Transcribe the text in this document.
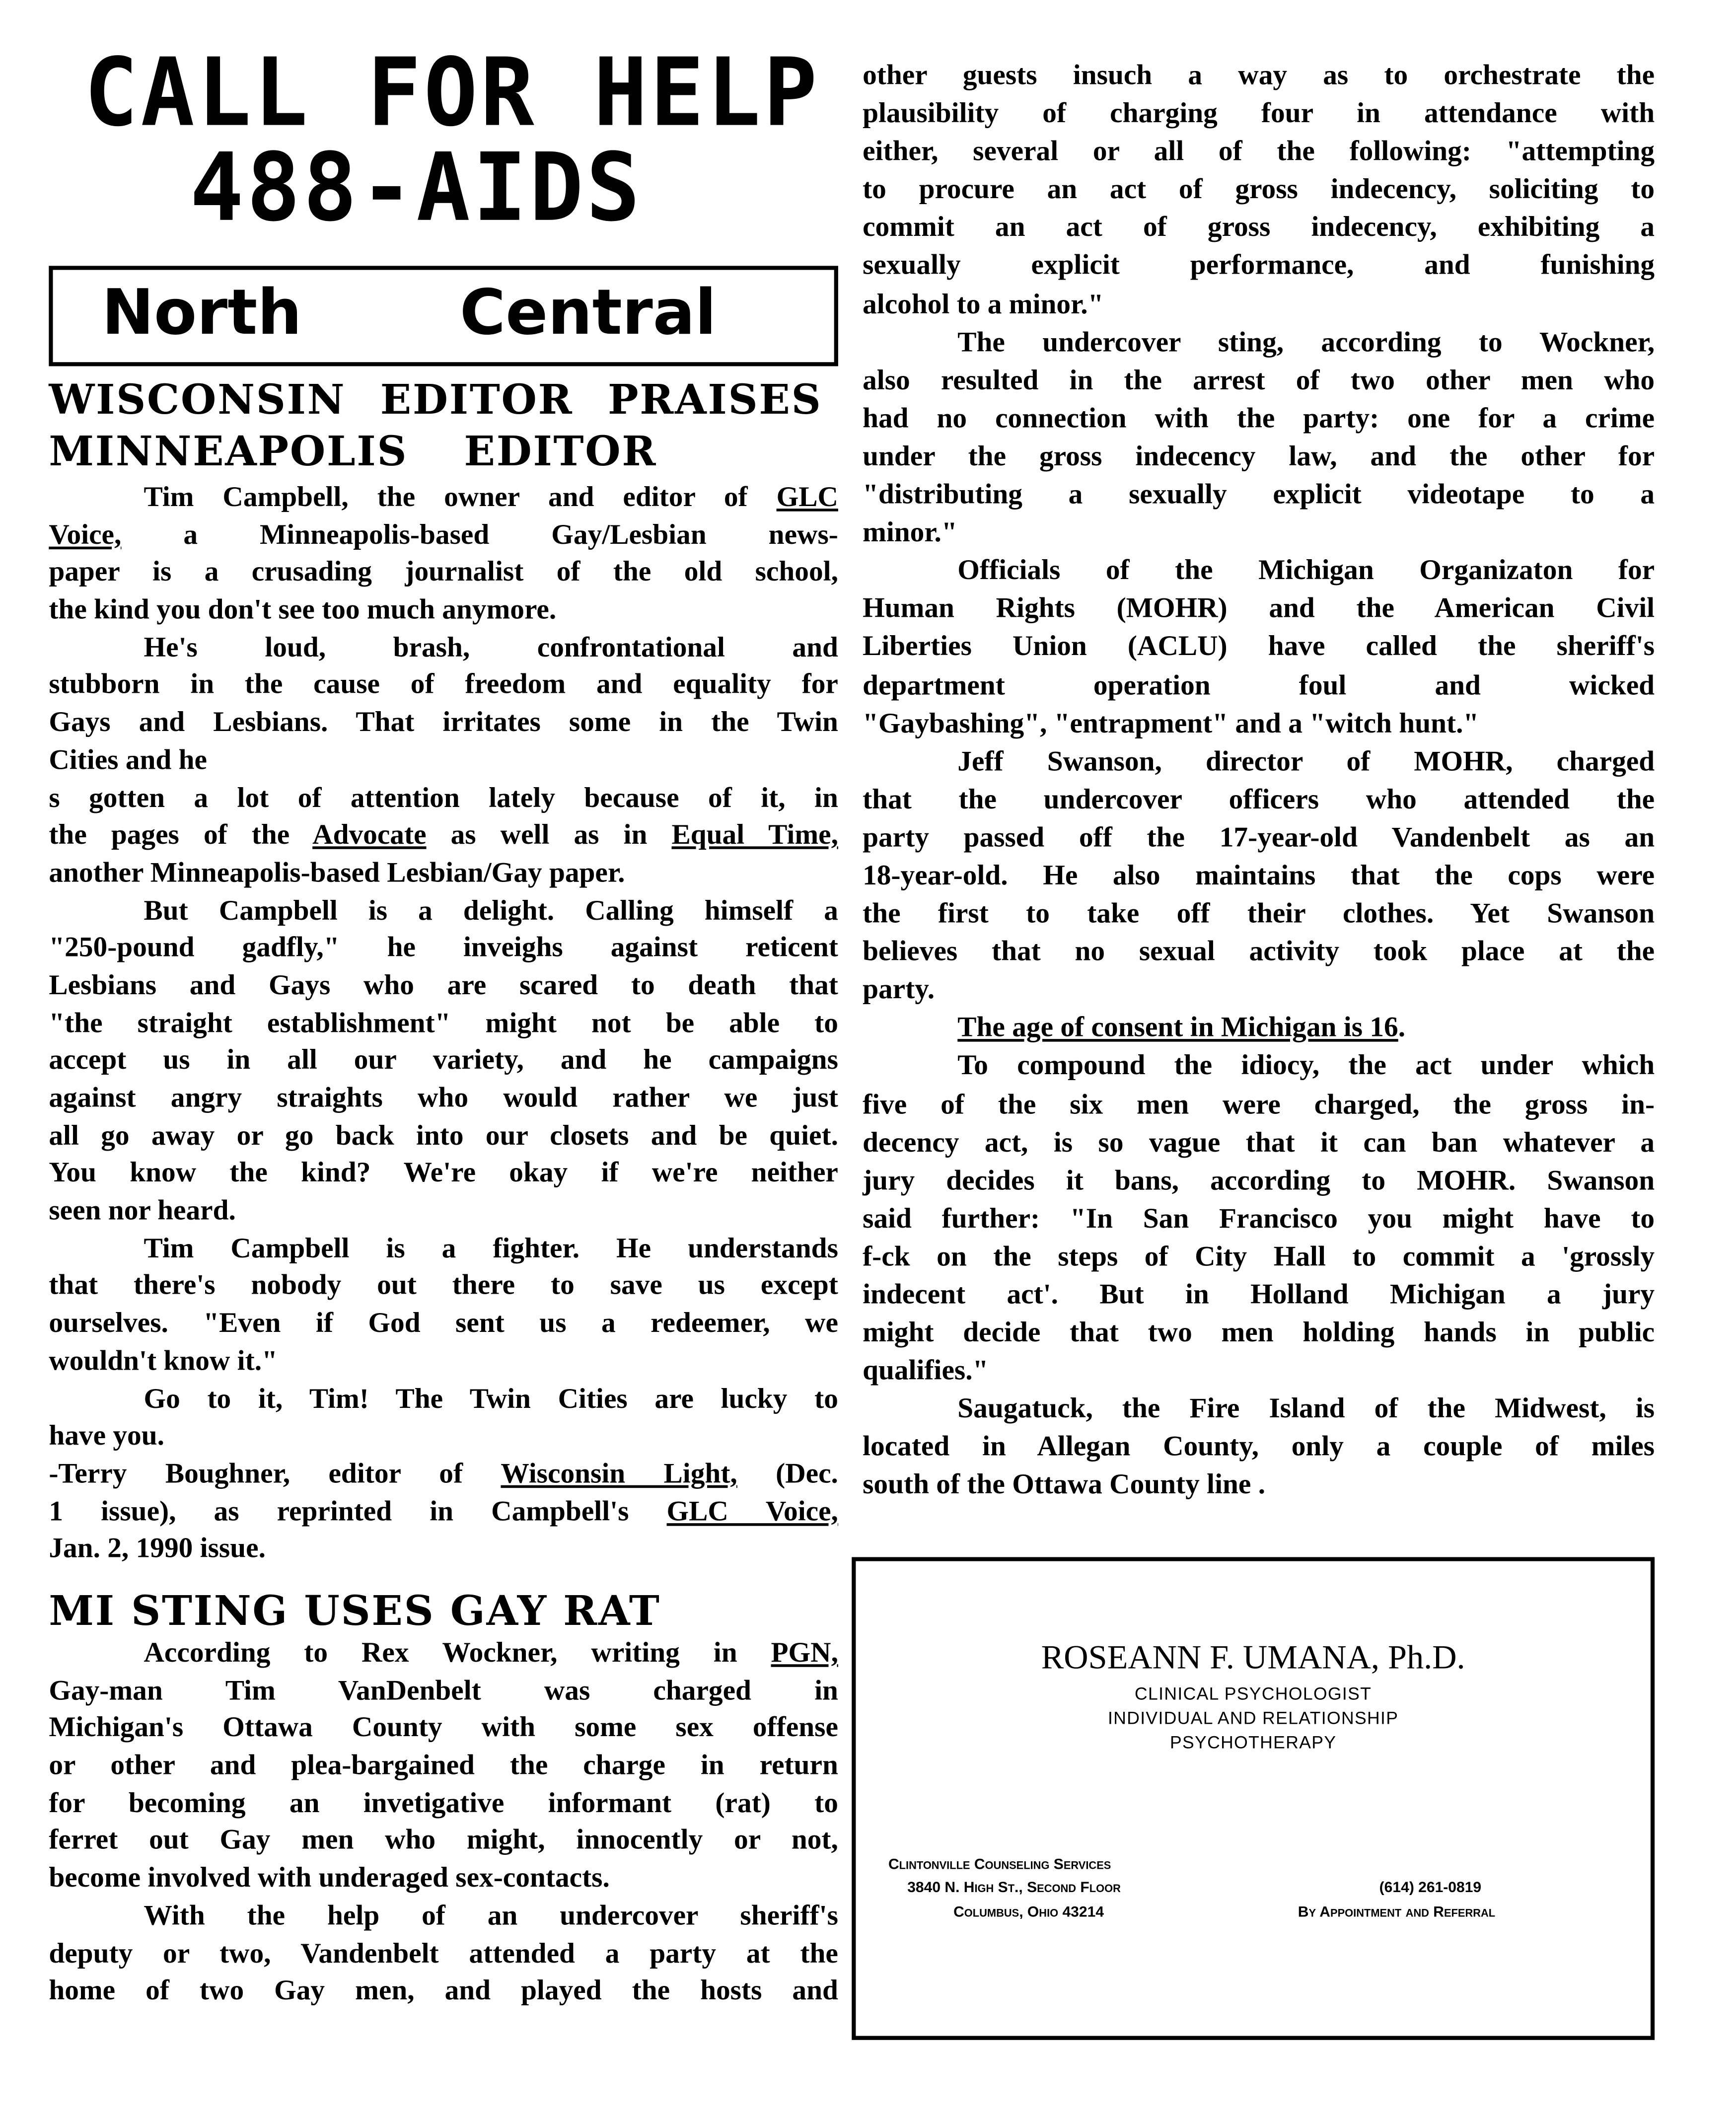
CALL FOR HELP
488-AIDS
North	Central
WISCONSIN EDITOR PRAISES
MINNEAPOLIS EDITOR
Tim Campbell, the owner and editor of GLC
Voice, a Minneapolis-based Gay/Lesbian news-
paper is a crusading journalist of the old school,
the kind you don't see too much anymore.
He's loud, brash, confrontational and
stubborn in the cause of freedom and equality for
Gays and Lesbians. That irritates some in the Twin
Cities and he
s gotten a lot of attention lately because of it, in
the pages of the Advocate as well as in Equal Time,
another Minneapolis-based Lesbian/Gay paper.
But Campbell is a delight. Calling himself a
"250-pound gadfly," he inveighs against reticent
Lesbians and Gays who are scared to death that
"the straight establishment" might not be able to
accept us in all our variety, and he campaigns
against angry straights who would rather we just
all go away or go back into our closets and be quiet.
You know the kind? We're okay if we're neither
seen nor heard.
Tim Campbell is a fighter. He understands
that there's nobody out there to save us except
ourselves. "Even if God sent us a redeemer, we
wouldn't know it."
Go to it, Tim! The Twin Cities are lucky to
have you.
-Terry Boughner, editor of Wisconsin Light, (Dec.
1 issue), as reprinted in Campbell's GLC Voice,
Jan. 2, 1990 issue.
MI STING USES GAY RAT
According to Rex Wockner, writing in PGN,
Gay-man Tim VanDenbelt was charged in
Michigan's Ottawa County with some sex offense
or other and plea-bargained the charge in return
for becoming an invetigative informant (rat) to
ferret out Gay men who might, innocently or not,
become involved with underaged sex-contacts.
With the help of an undercover sheriff's
deputy or two, Vandenbelt attended a party at the
home of two Gay men, and played the hosts and
other guests insuch a way as to orchestrate the
plausibility of charging four in attendance with
either, several or all of the following: "attempting
to procure an act of gross indecency, soliciting to
commit an act of gross indecency, exhibiting a
sexually explicit performance, and funishing
alcohol to a minor."
The undercover sting, according to Wockner,
also resulted in the arrest of two other men who
had no connection with the party: one for a crime
under the gross indecency law, and the other for
"distributing a sexually explicit videotape to a
minor."
Officials of the Michigan Organizaton for
Human Rights (MOHR) and the American Civil
Liberties Union (ACLU) have called the sheriff's
department operation foul and wicked
"Gaybashing", "entrapment" and a "witch hunt."
Jeff Swanson, director of MOHR, charged
that the undercover officers who attended the
party passed off the 17-year-old Vandenbelt as an
18-year-old. He also maintains that the cops were
the first to take off their clothes. Yet Swanson
believes that no sexual activity took place at the
party.
The age of consent in Michigan is 16.
To compound the idiocy, the act under which
five of the six men were charged, the gross in-
decency act, is so vague that it can ban whatever a
jury decides it bans, according to MOHR. Swanson
said further: "In San Francisco you might have to
f-ck on the steps of City Hall to commit a 'grossly
indecent act'. But in Holland Michigan a jury
might decide that two men holding hands in public
qualifies."
Saugatuck, the Fire Island of the Midwest, is
located in Allegan County, only a couple of miles
south of the Ottawa County line .
ROSEANN F. UMANA, Ph.D.
CLINICAL PSYCHOLOGIST
INDIVIDUAL AND RELATIONSHIP
PSYCHOTHERAPY
Clintonville Counseling Services
3840 N. High St., Second Floor
Columbus, Ohio 43214
(614) 261-0819
By Appointment and Referral
